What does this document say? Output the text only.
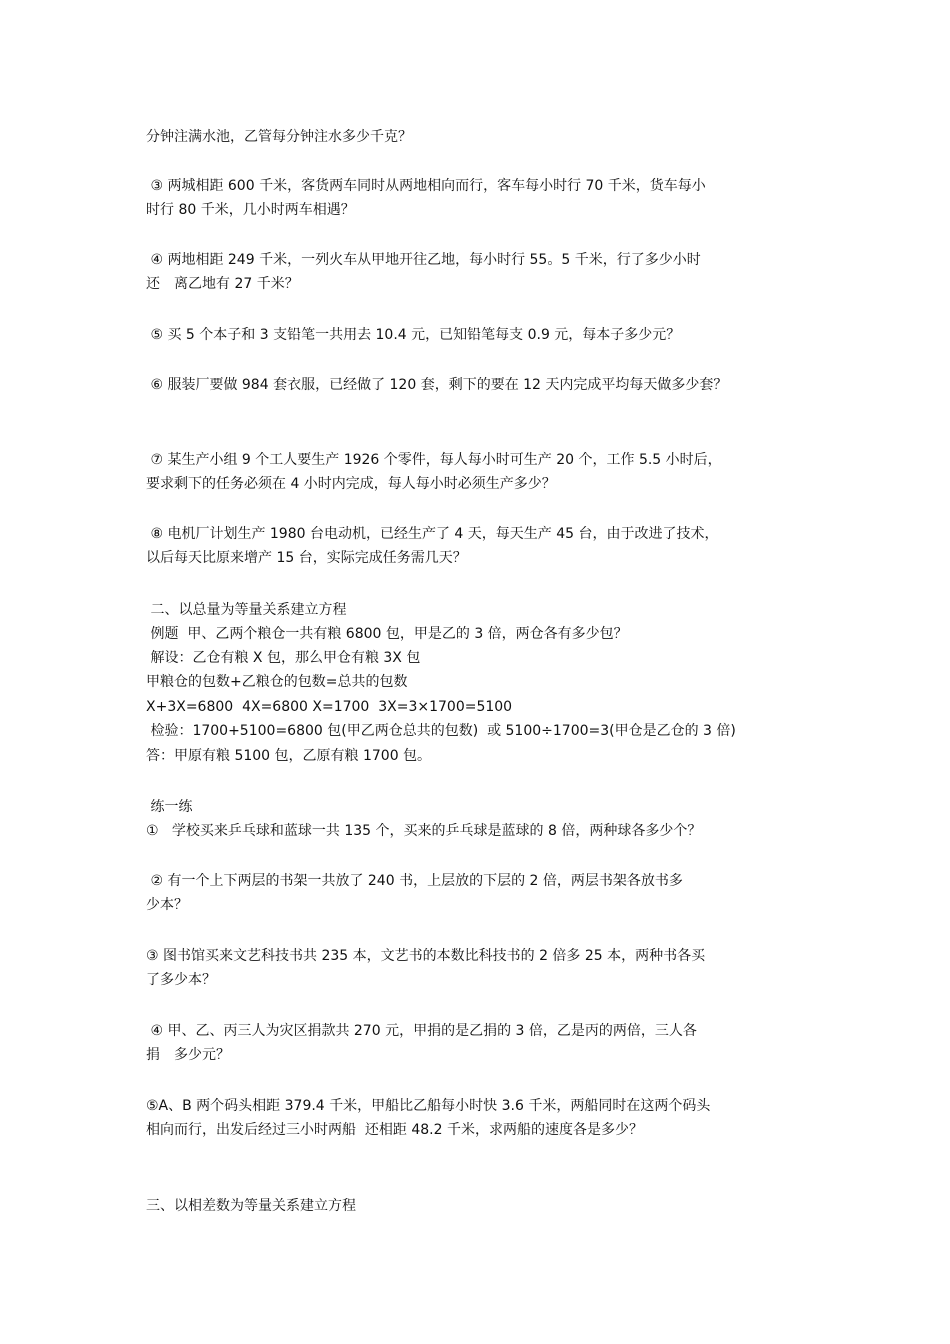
分钟注满水池，乙管每分钟注水多少千克？
③ 两城相距 600 千米，客货两车同时从两地相向而行，客车每小时行 70 千米，货车每小
时行 80 千米，几小时两车相遇？
④ 两地相距 249 千米，一列火车从甲地开往乙地，每小时行 55。5 千米，行了多少小时
还　离乙地有 27 千米？
⑤ 买 5 个本子和 3 支铅笔一共用去 10.4 元，已知铅笔每支 0.9 元，每本子多少元？
⑥ 服装厂要做 984 套衣服，已经做了 120 套，剩下的要在 12 天内完成平均每天做多少套？
⑦ 某生产小组 9 个工人要生产 1926 个零件，每人每小时可生产 20 个，工作 5.5 小时后，
要求剩下的任务必须在 4 小时内完成，每人每小时必须生产多少？
⑧ 电机厂计划生产 1980 台电动机，已经生产了 4 天，每天生产 45 台，由于改进了技术，
以后每天比原来增产 15 台，实际完成任务需几天？
二、以总量为等量关系建立方程
例题  甲、乙两个粮仓一共有粮 6800 包，甲是乙的 3 倍，两仓各有多少包？
解设：乙仓有粮 X 包，那么甲仓有粮 3X 包
甲粮仓的包数+乙粮仓的包数=总共的包数
X+3X=6800  4X=6800 X=1700  3X=3×1700=5100
检验：1700+5100=6800 包(甲乙两仓总共的包数)  或 5100÷1700=3(甲仓是乙仓的 3 倍)
答：甲原有粮 5100 包，乙原有粮 1700 包。
练一练
①   学校买来乒乓球和蓝球一共 135 个，买来的乒乓球是蓝球的 8 倍，两种球各多少个？
② 有一个上下两层的书架一共放了 240 书，上层放的下层的 2 倍，两层书架各放书多
少本？
③ 图书馆买来文艺科技书共 235 本，文艺书的本数比科技书的 2 倍多 25 本，两种书各买
了多少本？
④ 甲、乙、丙三人为灾区捐款共 270 元，甲捐的是乙捐的 3 倍，乙是丙的两倍，三人各
捐　多少元？
⑤A、B 两个码头相距 379.4 千米，甲船比乙船每小时快 3.6 千米，两船同时在这两个码头
相向而行，出发后经过三小时两船  还相距 48.2 千米，求两船的速度各是多少？
三、以相差数为等量关系建立方程
